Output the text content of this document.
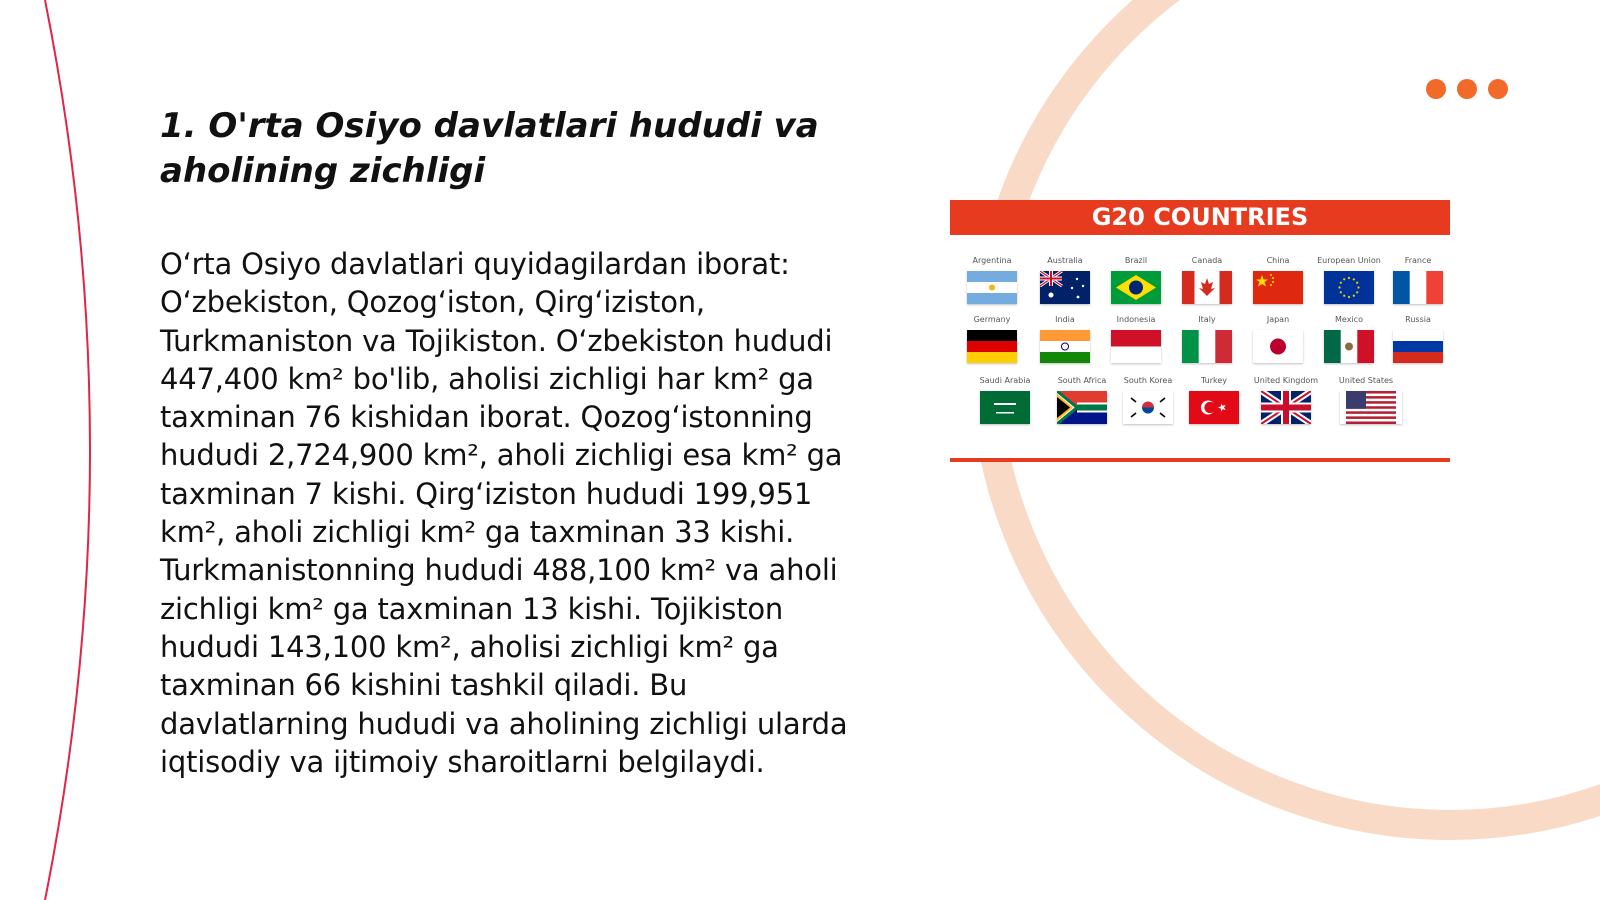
1. O'rta Osiyo davlatlari hududi va aholining zichligi

O‘rta Osiyo davlatlari quyidagilardan iborat: O‘zbekiston, Qozog‘iston, Qirg‘iziston, Turkmaniston va Tojikiston. O‘zbekiston hududi 447,400 km² bo'lib, aholisi zichligi har km² ga taxminan 76 kishidan iborat. Qozog‘istonning hududi 2,724,900 km², aholi zichligi esa km² ga taxminan 7 kishi. Qirg‘iziston hududi 199,951 km², aholi zichligi km² ga taxminan 33 kishi. Turkmanistonning hududi 488,100 km² va aholi zichligi km² ga taxminan 13 kishi. Tojikiston hududi 143,100 km², aholisi zichligi km² ga taxminan 66 kishini tashkil qiladi. Bu davlatlarning hududi va aholining zichligi ularda iqtisodiy va ijtimoiy sharoitlarni belgilaydi.

G20 COUNTRIES
Argentina	Australia	Brazil	Canada	China	European Union	France
Germany	India	Indonesia	Italy	Japan	Mexico	Russia
Saudi Arabia	South Africa	South Korea	Turkey	United Kingdom	United States
